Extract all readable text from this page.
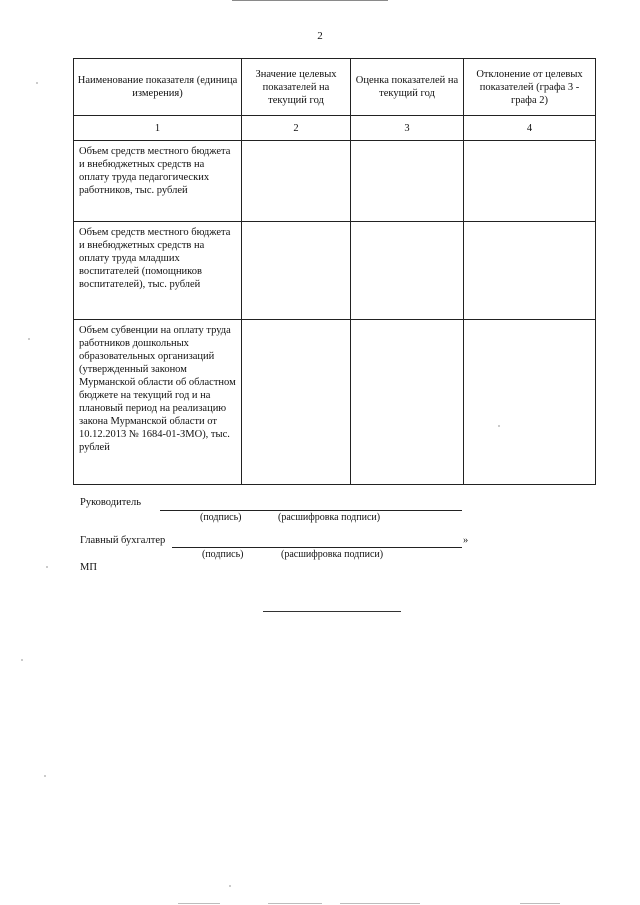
2
Наименование показателя (единица измерения)	Значение целевых показателей на текущий год	Оценка показателей на текущий год	Отклонение от целевых показателей (графа 3 - графа 2)
1	2	3	4
Объем средств местного бюджета и внебюджетных средств на оплату труда педагогических работников, тыс. рублей			
Объем средств местного бюджета и внебюджетных средств на оплату труда младших воспитателей (помощников воспитателей), тыс. рублей			
Объем субвенции на оплату труда работников дошкольных образовательных организаций (утвержденный законом Мурманской области об областном бюджете на текущий год и на плановый период на реализацию закона Мурманской области от 10.12.2013 № 1684-01-ЗМО), тыс. рублей			
Руководитель
(подпись)	(расшифровка подписи)
Главный бухгалтер	»
(подпись)	(расшифровка подписи)
МП
